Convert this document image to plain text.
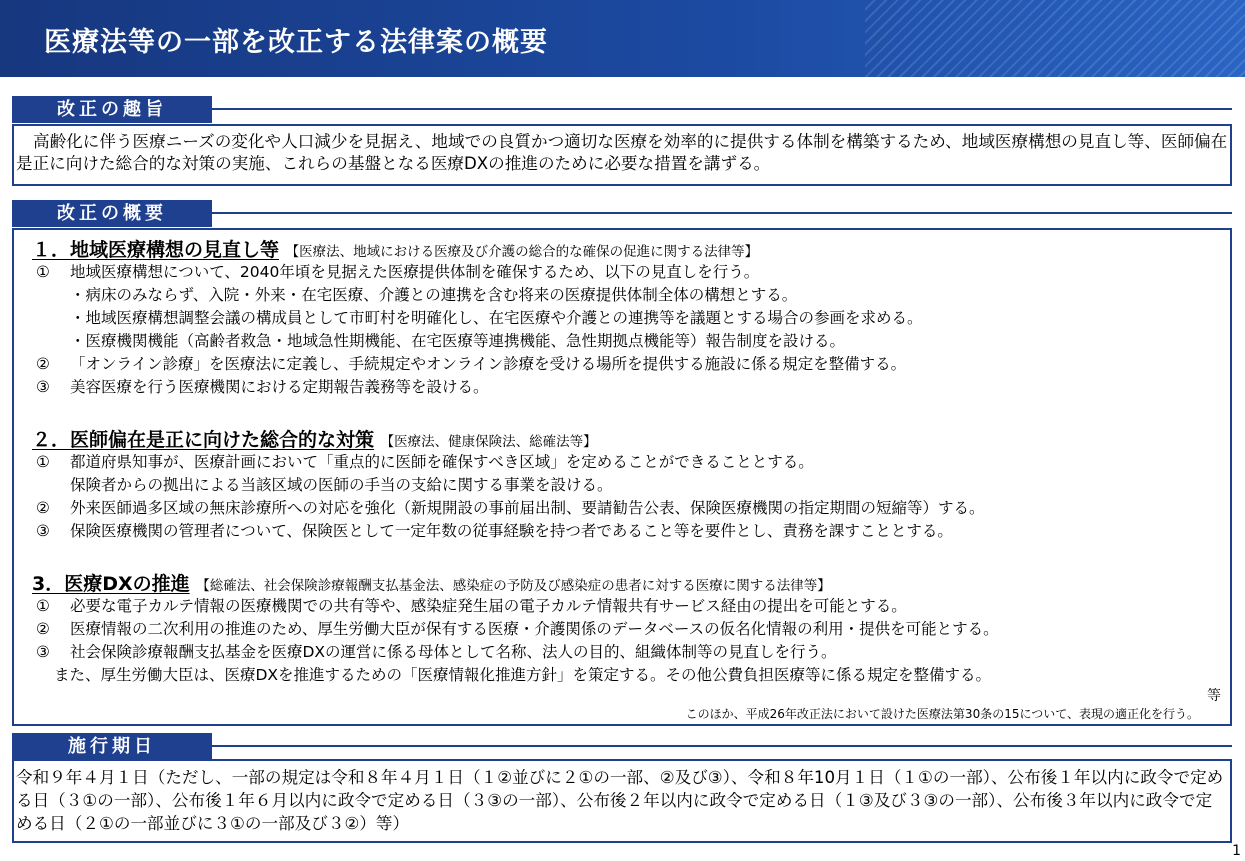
医療法等の一部を改正する法律案の概要
改正の趣旨
高齢化に伴う医療ニーズの変化や人口減少を見据え、地域での良質かつ適切な医療を効率的に提供する体制を構築するため、地域医療構想の見直し等、医師偏在是正に向けた総合的な対策の実施、これらの基盤となる医療DXの推進のために必要な措置を講ずる。
改正の概要
１．地域医療構想の見直し等 【医療法、地域における医療及び介護の総合的な確保の促進に関する法律等】
① 地域医療構想について、2040年頃を見据えた医療提供体制を確保するため、以下の見直しを行う。
・病床のみならず、入院・外来・在宅医療、介護との連携を含む将来の医療提供体制全体の構想とする。
・地域医療構想調整会議の構成員として市町村を明確化し、在宅医療や介護との連携等を議題とする場合の参画を求める。
・医療機関機能（高齢者救急・地域急性期機能、在宅医療等連携機能、急性期拠点機能等）報告制度を設ける。
② 「オンライン診療」を医療法に定義し、手続規定やオンライン診療を受ける場所を提供する施設に係る規定を整備する。
③ 美容医療を行う医療機関における定期報告義務等を設ける。
２．医師偏在是正に向けた総合的な対策 【医療法、健康保険法、総確法等】
① 都道府県知事が、医療計画において「重点的に医師を確保すべき区域」を定めることができることとする。
保険者からの拠出による当該区域の医師の手当の支給に関する事業を設ける。
② 外来医師過多区域の無床診療所への対応を強化（新規開設の事前届出制、要請勧告公表、保険医療機関の指定期間の短縮等）する。
③ 保険医療機関の管理者について、保険医として一定年数の従事経験を持つ者であること等を要件とし、責務を課すこととする。
3．医療DXの推進 【総確法、社会保険診療報酬支払基金法、感染症の予防及び感染症の患者に対する医療に関する法律等】
① 必要な電子カルテ情報の医療機関での共有等や、感染症発生届の電子カルテ情報共有サービス経由の提出を可能とする。
② 医療情報の二次利用の推進のため、厚生労働大臣が保有する医療・介護関係のデータベースの仮名化情報の利用・提供を可能とする。
③ 社会保険診療報酬支払基金を医療DXの運営に係る母体として名称、法人の目的、組織体制等の見直しを行う。
また、厚生労働大臣は、医療DXを推進するための「医療情報化推進方針」を策定する。その他公費負担医療等に係る規定を整備する。
等
このほか、平成26年改正法において設けた医療法第30条の15について、表現の適正化を行う。
施行期日
令和９年４月１日（ただし、一部の規定は令和８年４月１日（１②並びに２①の一部、②及び③）、令和８年10月１日（１①の一部）、公布後１年以内に政令で定める日（３①の一部）、公布後１年６月以内に政令で定める日（３③の一部）、公布後２年以内に政令で定める日（１③及び３③の一部）、公布後３年以内に政令で定める日（２①の一部並びに３①の一部及び３②）等）
1
